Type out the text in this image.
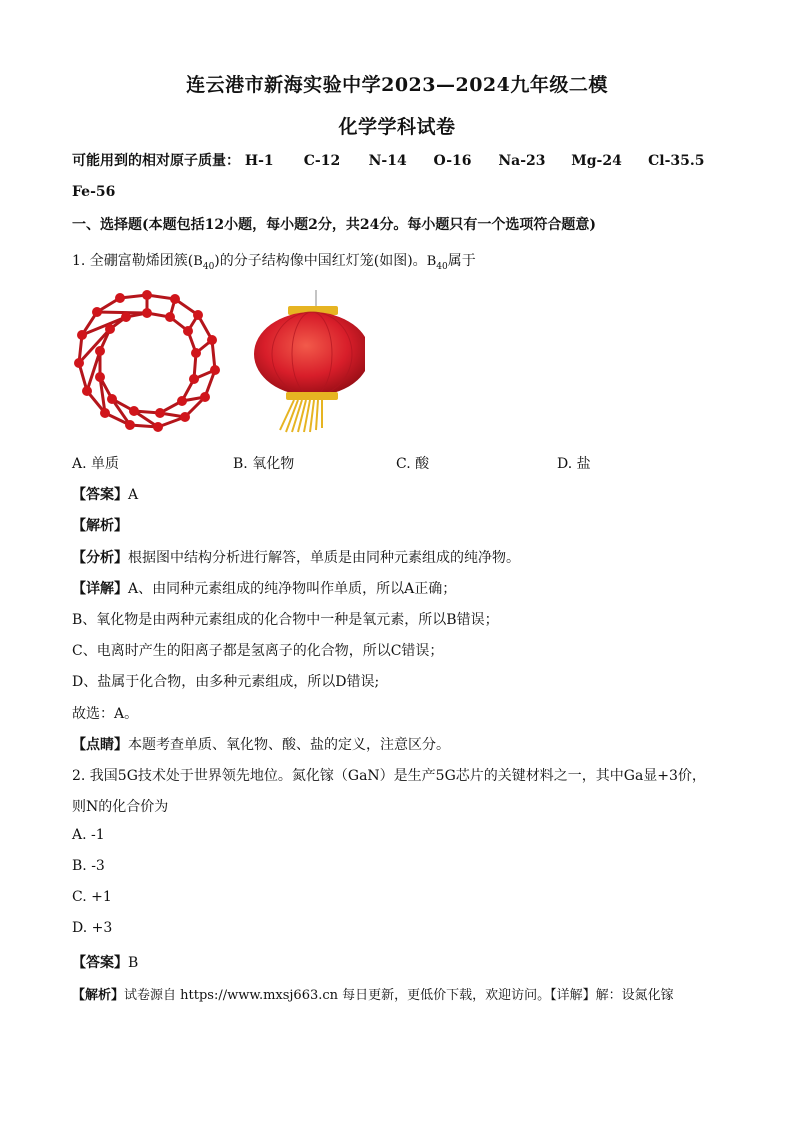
连云港市新海实验中学2023—2024九年级二模
化学学科试卷
可能用到的相对原子质量： H-1 C-12 N-14 O-16 Na-23 Mg-24 Cl-35.5
Fe-56
一、选择题(本题包括12小题，每小题2分，共24分。每小题只有一个选项符合题意)
1. 全硼富勒烯团簇$(B_{40})$的分子结构像中国红灯笼(如图)。$B_{40}$属于
A. 单质	B. 氧化物	C. 酸	D. 盐
【答案】A
【解析】
【分析】根据图中结构分析进行解答，单质是由同种元素组成的纯净物。
【详解】A、由同种元素组成的纯净物叫作单质，所以A正确；
B、氧化物是由两种元素组成的化合物中一种是氧元素，所以B错误；
C、电离时产生的阳离子都是氢离子的化合物，所以C错误；
D、盐属于化合物，由多种元素组成，所以D错误;
故选：A。
【点睛】本题考查单质、氧化物、酸、盐的定义，注意区分。
2. 我国5G技术处于世界领先地位。氮化镓（GaN）是生产5G芯片的关键材料之一，其中Ga显+3价，
则N的化合价为
A. -1
B. -3
C. +1
D. +3
【答案】B
【解析】试卷源自 https://www.mxsj663.cn 每日更新，更低价下载，欢迎访问。【详解】解：设氮化镓
